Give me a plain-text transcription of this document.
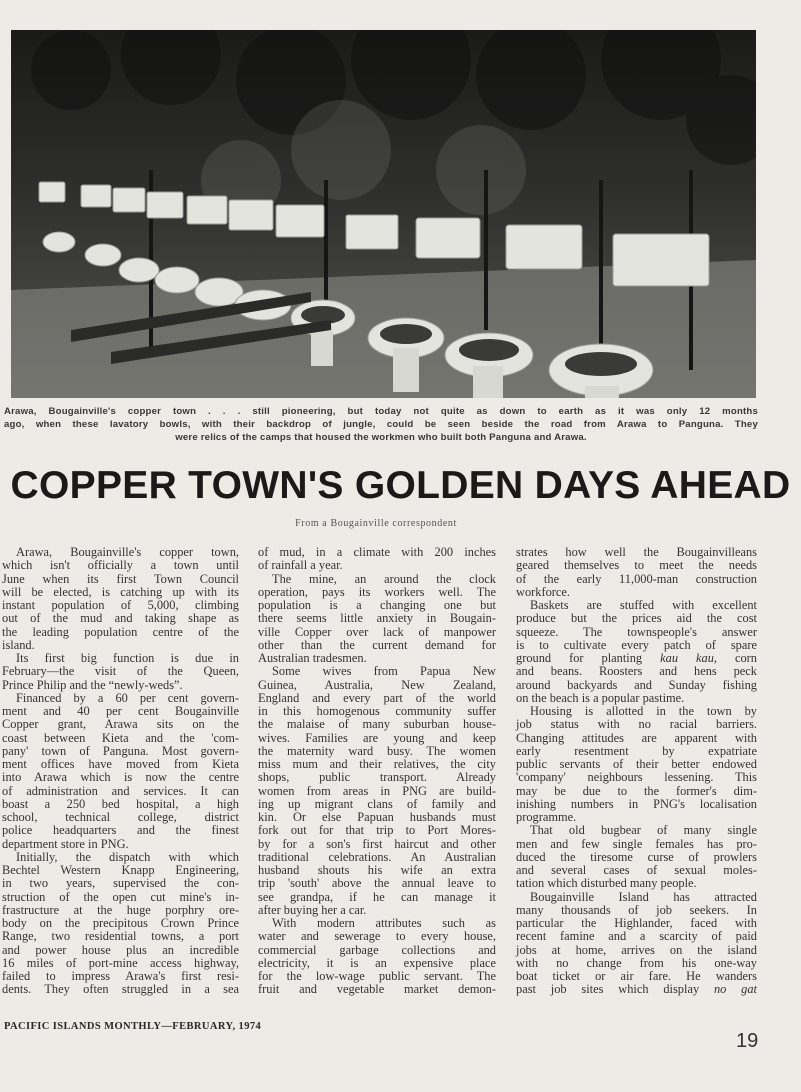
Arawa, Bougainville's copper town . . . still pioneering, but today not quite as down to earth as it was only 12 months
ago, when these lavatory bowls, with their backdrop of jungle, could be seen beside the road from Arawa to Panguna. They
were relics of the camps that housed the workmen who built both Panguna and Arawa.
COPPER TOWN'S GOLDEN DAYS AHEAD
From a Bougainville correspondent
Arawa, Bougainville's copper town,
which isn't officially a town until
June when its first Town Council
will be elected, is catching up with its
instant population of 5,000, climbing
out of the mud and taking shape as
the leading population centre of the
island.
Its first big function is due in
February—the visit of the Queen,
Prince Philip and the “newly-weds”.
Financed by a 60 per cent govern-
ment and 40 per cent Bougainville
Copper grant, Arawa sits on the
coast between Kieta and the 'com-
pany' town of Panguna. Most govern-
ment offices have moved from Kieta
into Arawa which is now the centre
of administration and services. It can
boast a 250 bed hospital, a high
school, technical college, district
police headquarters and the finest
department store in PNG.
Initially, the dispatch with which
Bechtel Western Knapp Engineering,
in two years, supervised the con-
struction of the open cut mine's in-
frastructure at the huge porphry ore-
body on the precipitous Crown Prince
Range, two residential towns, a port
and power house plus an incredible
16 miles of port-mine access highway,
failed to impress Arawa's first resi-
dents. They often struggled in a sea
of mud, in a climate with 200 inches
of rainfall a year.
The mine, an around the clock
operation, pays its workers well. The
population is a changing one but
there seems little anxiety in Bougain-
ville Copper over lack of manpower
other than the current demand for
Australian tradesmen.
Some wives from Papua New
Guinea, Australia, New Zealand,
England and every part of the world
in this homogenous community suffer
the malaise of many suburban house-
wives. Families are young and keep
the maternity ward busy. The women
miss mum and their relatives, the city
shops, public transport. Already
women from areas in PNG are build-
ing up migrant clans of family and
kin. Or else Papuan husbands must
fork out for that trip to Port Mores-
by for a son's first haircut and other
traditional celebrations. An Australian
husband shouts his wife an extra
trip 'south' above the annual leave to
see grandpa, if he can manage it
after buying her a car.
With modern attributes such as
water and sewerage to every house,
commercial garbage collections and
electricity, it is an expensive place
for the low-wage public servant. The
fruit and vegetable market demon-
strates how well the Bougainvilleans
geared themselves to meet the needs
of the early 11,000-man construction
workforce.
Baskets are stuffed with excellent
produce but the prices aid the cost
squeeze. The townspeople's answer
is to cultivate every patch of spare
ground for planting kau kau, corn
and beans. Roosters and hens peck
around backyards and Sunday fishing
on the beach is a popular pastime.
Housing is allotted in the town by
job status with no racial barriers.
Changing attitudes are apparent with
early resentment by expatriate
public servants of their better endowed
'company' neighbours lessening. This
may be due to the former's dim-
inishing numbers in PNG's localisation
programme.
That old bugbear of many single
men and few single females has pro-
duced the tiresome curse of prowlers
and several cases of sexual moles-
tation which disturbed many people.
Bougainville Island has attracted
many thousands of job seekers. In
particular the Highlander, faced with
recent famine and a scarcity of paid
jobs at home, arrives on the island
with no change from his one-way
boat ticket or air fare. He wanders
past job sites which display no gat
PACIFIC ISLANDS MONTHLY—FEBRUARY, 1974
19
